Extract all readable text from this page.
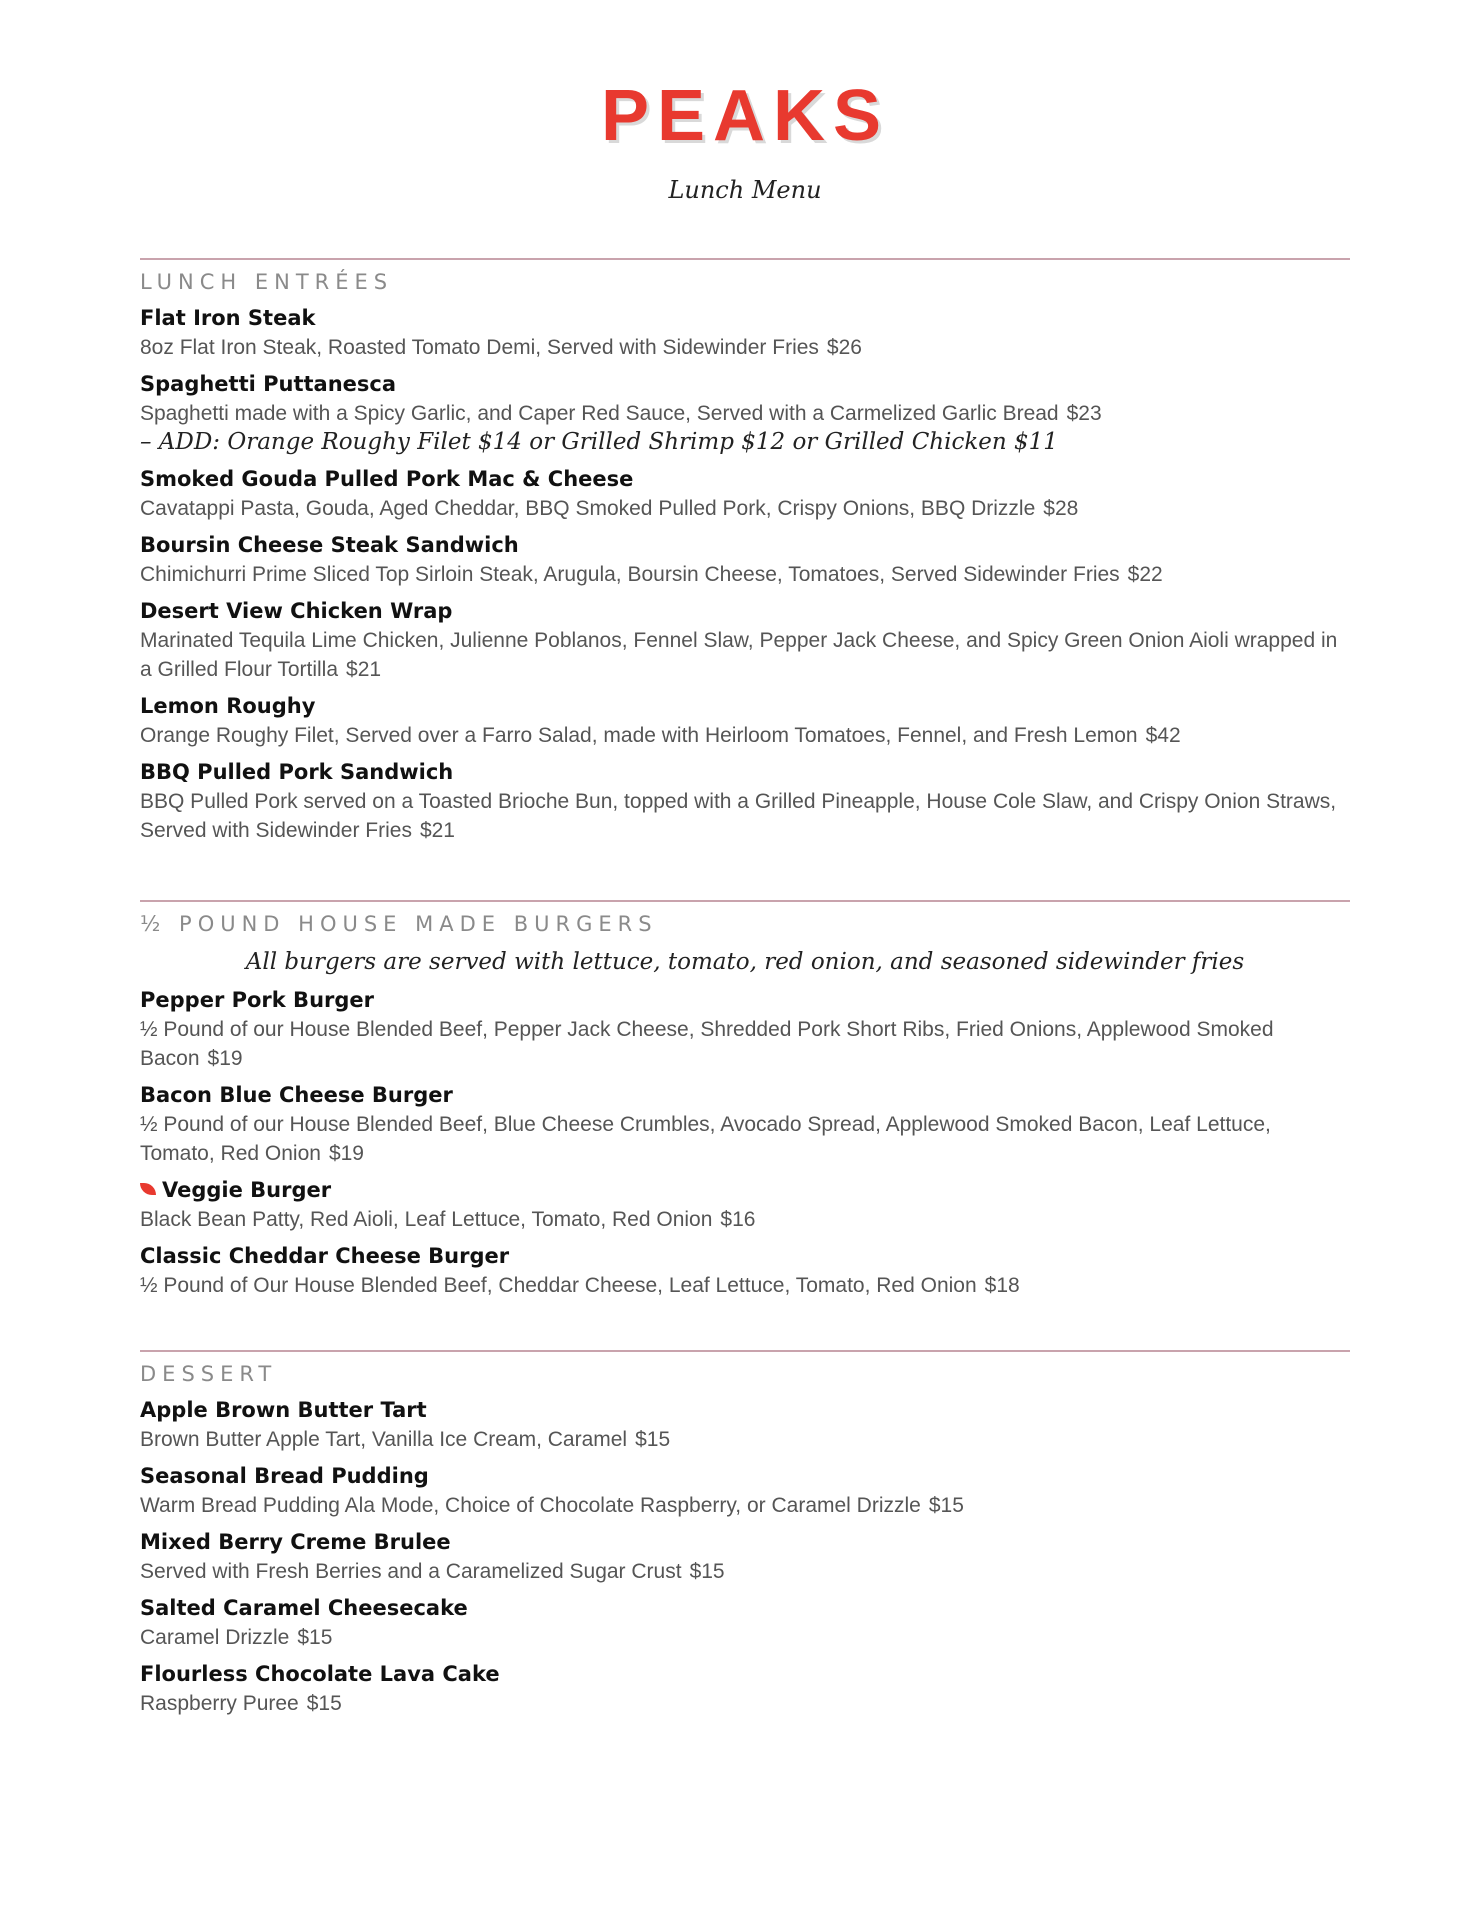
PEAKS
Lunch Menu
LUNCH ENTRÉES
Flat Iron Steak
8oz Flat Iron Steak, Roasted Tomato Demi, Served with Sidewinder Fries $26
Spaghetti Puttanesca
Spaghetti made with a Spicy Garlic, and Caper Red Sauce, Served with a Carmelized Garlic Bread $23
– ADD: Orange Roughy Filet $14 or Grilled Shrimp $12 or Grilled Chicken $11
Smoked Gouda Pulled Pork Mac & Cheese
Cavatappi Pasta, Gouda, Aged Cheddar, BBQ Smoked Pulled Pork, Crispy Onions, BBQ Drizzle $28
Boursin Cheese Steak Sandwich
Chimichurri Prime Sliced Top Sirloin Steak, Arugula, Boursin Cheese, Tomatoes, Served Sidewinder Fries $22
Desert View Chicken Wrap
Marinated Tequila Lime Chicken, Julienne Poblanos, Fennel Slaw, Pepper Jack Cheese, and Spicy Green Onion Aioli wrapped in a Grilled Flour Tortilla $21
Lemon Roughy
Orange Roughy Filet, Served over a Farro Salad, made with Heirloom Tomatoes, Fennel, and Fresh Lemon $42
BBQ Pulled Pork Sandwich
BBQ Pulled Pork served on a Toasted Brioche Bun, topped with a Grilled Pineapple, House Cole Slaw, and Crispy Onion Straws, Served with Sidewinder Fries $21
½ POUND HOUSE MADE BURGERS
All burgers are served with lettuce, tomato, red onion, and seasoned sidewinder fries
Pepper Pork Burger
½ Pound of our House Blended Beef, Pepper Jack Cheese, Shredded Pork Short Ribs, Fried Onions, Applewood Smoked Bacon $19
Bacon Blue Cheese Burger
½ Pound of our House Blended Beef, Blue Cheese Crumbles, Avocado Spread, Applewood Smoked Bacon, Leaf Lettuce, Tomato, Red Onion $19
Veggie Burger
Black Bean Patty, Red Aioli, Leaf Lettuce, Tomato, Red Onion $16
Classic Cheddar Cheese Burger
½ Pound of Our House Blended Beef, Cheddar Cheese, Leaf Lettuce, Tomato, Red Onion $18
DESSERT
Apple Brown Butter Tart
Brown Butter Apple Tart, Vanilla Ice Cream, Caramel $15
Seasonal Bread Pudding
Warm Bread Pudding Ala Mode, Choice of Chocolate Raspberry, or Caramel Drizzle $15
Mixed Berry Creme Brulee
Served with Fresh Berries and a Caramelized Sugar Crust $15
Salted Caramel Cheesecake
Caramel Drizzle $15
Flourless Chocolate Lava Cake
Raspberry Puree $15
